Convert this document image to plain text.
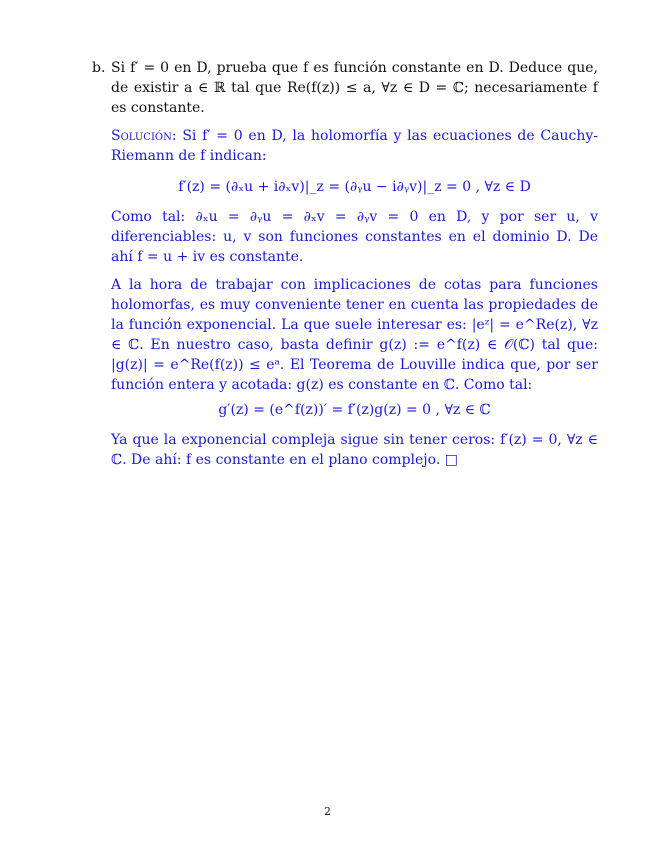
b. Si f′ = 0 en D, prueba que f es función constante en D. Deduce que, de existir a ∈ ℝ tal que Re(f(z)) ≤ a, ∀z ∈ D = ℂ; necesariamente f es constante.
Solución: Si f′ = 0 en D, la holomorfía y las ecuaciones de Cauchy-Riemann de f indican:
f′(z) = (∂ₓu + i∂ₓv)|_z = (∂ᵧu − i∂ᵧv)|_z = 0 , ∀z ∈ D
Como tal: ∂ₓu = ∂ᵧu = ∂ₓv = ∂ᵧv = 0 en D, y por ser u, v diferenciables: u, v son funciones constantes en el dominio D. De ahí f = u + iv es constante.
A la hora de trabajar con implicaciones de cotas para funciones holomorfas, es muy conveniente tener en cuenta las propiedades de la función exponencial. La que suele interesar es: |eᶻ| = e^Re(z), ∀z ∈ ℂ. En nuestro caso, basta definir g(z) := e^f(z) ∈ 𝒪(ℂ) tal que: |g(z)| = e^Re(f(z)) ≤ eᵃ. El Teorema de Louville indica que, por ser función entera y acotada: g(z) es constante en ℂ. Como tal:
g′(z) = (e^f(z))′ = f′(z)g(z) = 0 , ∀z ∈ ℂ
Ya que la exponencial compleja sigue sin tener ceros: f′(z) = 0, ∀z ∈ ℂ. De ahí: f es constante en el plano complejo. □
2
